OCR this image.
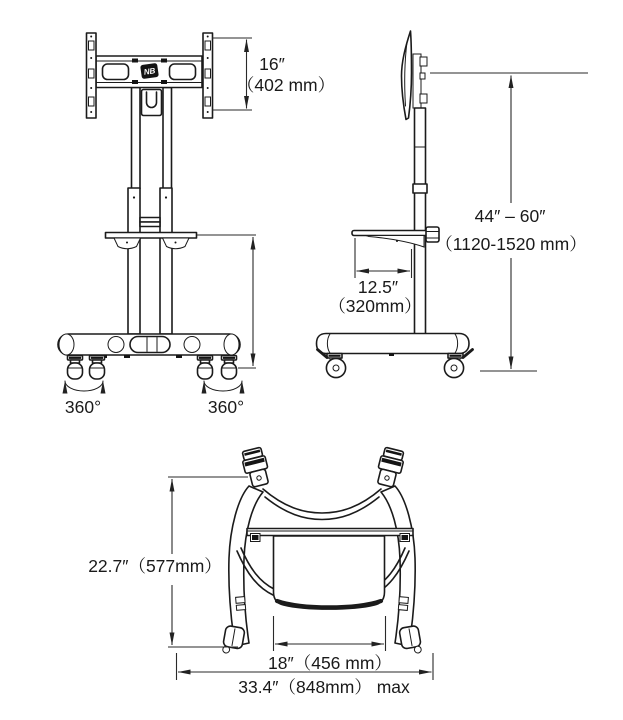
NB
360°	360°
16″
（402 mm）
44″ – 60″
（1120-1520 mm）
12.5″
（320mm）
22.7″（577mm）
18″（456 mm）
33.4″（848mm） max
